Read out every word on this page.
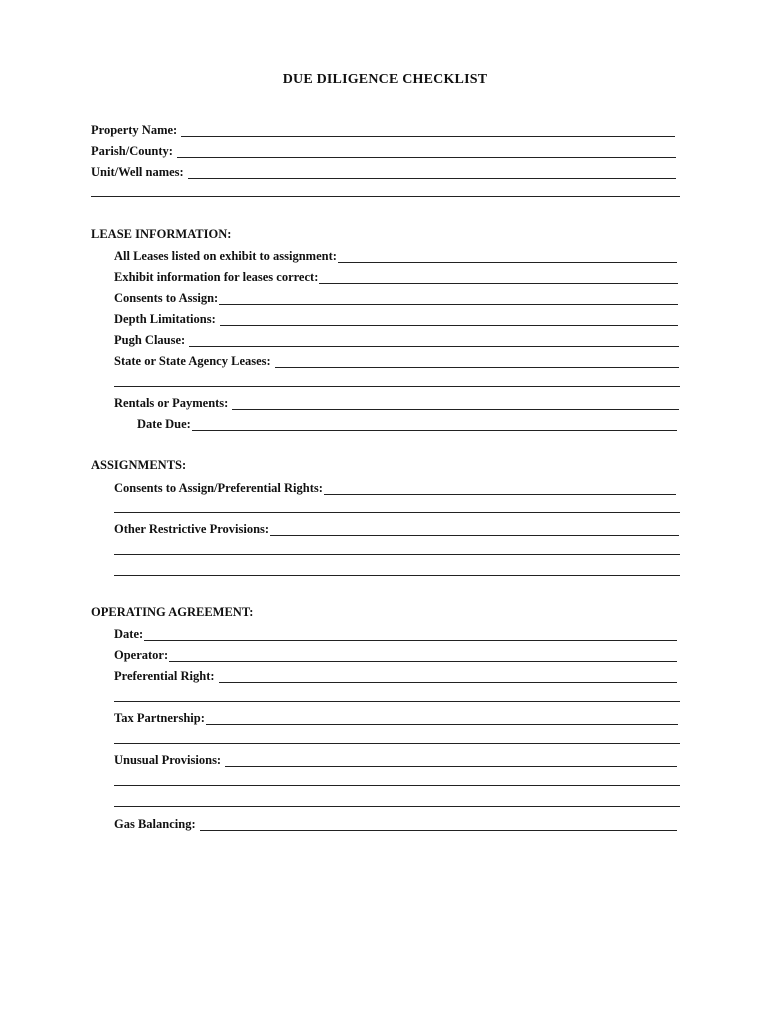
DUE DILIGENCE CHECKLIST
Property Name:
Parish/County:
Unit/Well names:
LEASE INFORMATION:
All Leases listed on exhibit to assignment:
Exhibit information for leases correct:
Consents to Assign:
Depth Limitations:
Pugh Clause:
State or State Agency Leases:
Rentals or Payments:
Date Due:
ASSIGNMENTS:
Consents to Assign/Preferential Rights:
Other Restrictive Provisions:
OPERATING AGREEMENT:
Date:
Operator:
Preferential Right:
Tax Partnership:
Unusual Provisions:
Gas Balancing:
